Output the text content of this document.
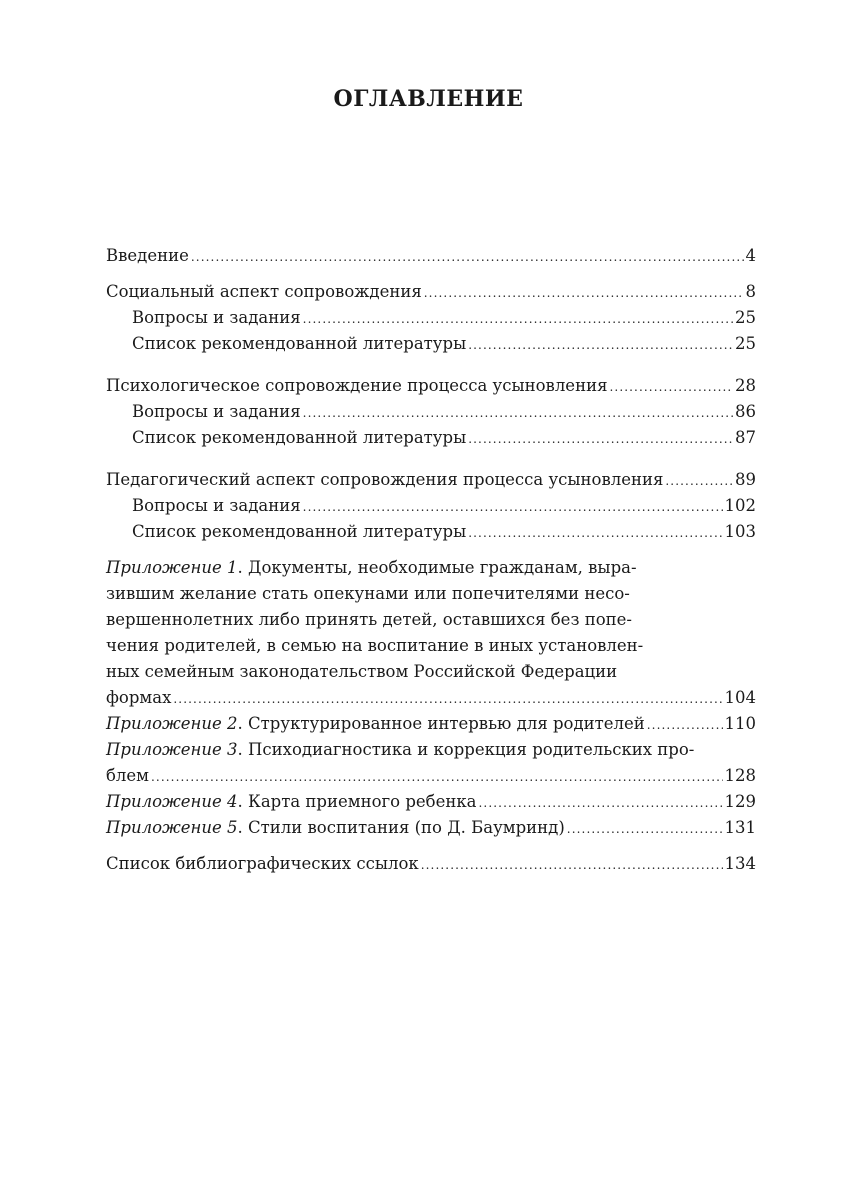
ОГЛАВЛЕНИЕ
Введение .....	4
Социальный аспект сопровождения .....	8
Вопросы и задания .....	25
Список рекомендованной литературы .....	25
Психологическое сопровождение процесса усыновления .....	28
Вопросы и задания .....	86
Список рекомендованной литературы .....	87
Педагогический аспект сопровождения процесса усыновления .....	89
Вопросы и задания .....	102
Список рекомендованной литературы .....	103
Приложение 1. Документы, необходимые гражданам, выра-
зившим желание стать опекунами или попечителями несо-
вершеннолетних либо принять детей, оставшихся без попе-
чения родителей, в семью на воспитание в иных установлен-
ных семейным законодательством Российской Федерации
формах .....	104
Приложение 2. Структурированное интервью для родителей .....	110
Приложение 3. Психодиагностика и коррекция родительских про-
блем .....	128
Приложение 4. Карта приемного ребенка .....	129
Приложение 5. Стили воспитания (по Д. Баумринд) .....	131
Список библиографических ссылок .....	134
